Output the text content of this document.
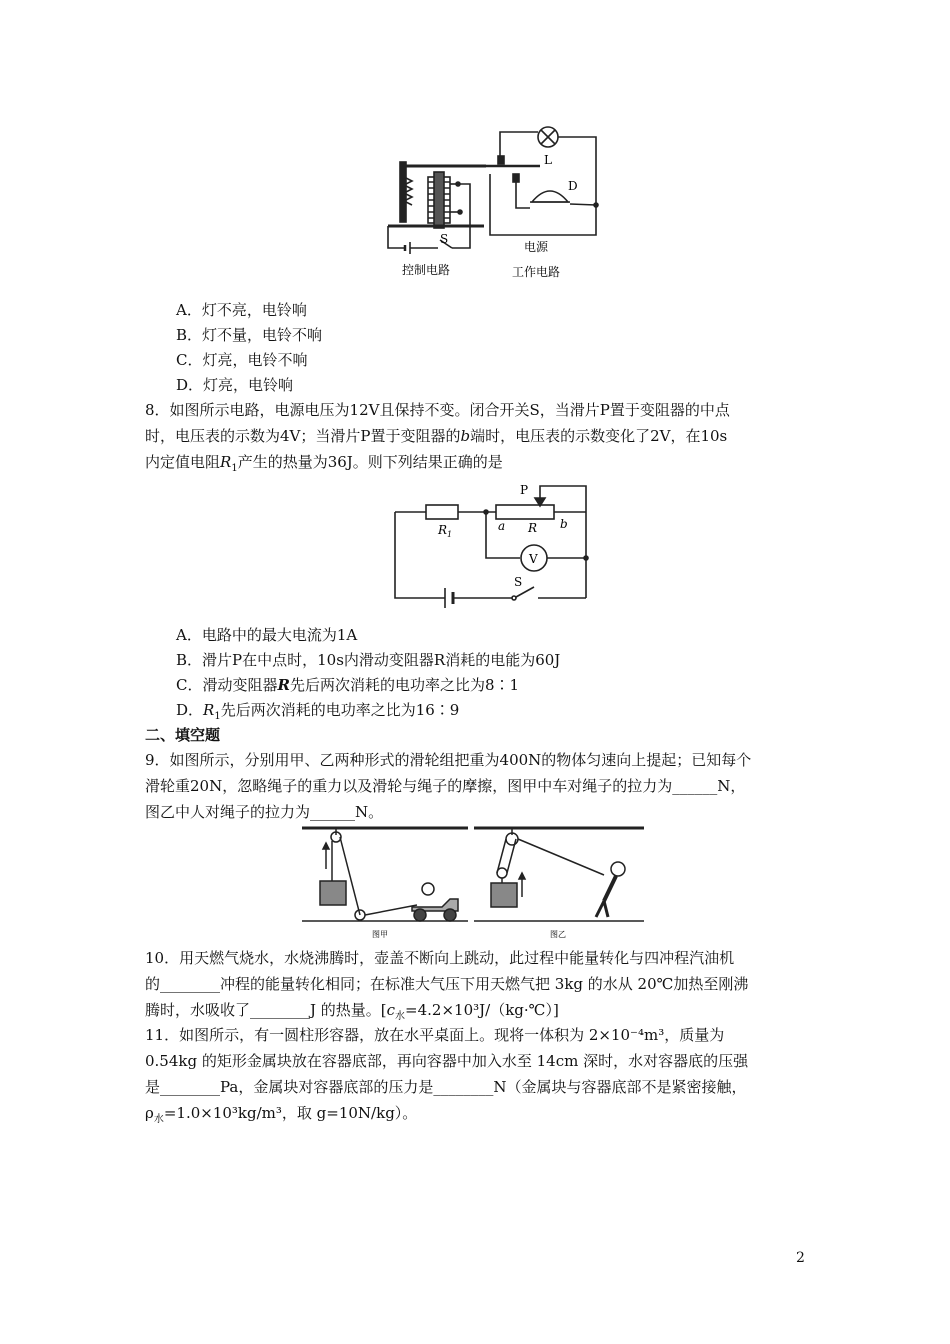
L
D
S
电源
控制电路	工作电路
A．灯不亮，电铃响
B．灯不量，电铃不响
C．灯亮，电铃不响
D．灯亮，电铃响
8．如图所示电路，电源电压为12V且保持不变。闭合开关S，当滑片P置于变阻器的中点
时，电压表的示数为4V；当滑片P置于变阻器的b端时，电压表的示数变化了2V，在10s
内定值电阻$R_1$产生的热量为36J。则下列结果正确的是
P
$R_1$
a R b
V
S
A．电路中的最大电流为1A
B．滑片P在中点时，10s内滑动变阻器R消耗的电能为60J
C．滑动变阻器R先后两次消耗的电功率之比为8∶1
D．$R_1$先后两次消耗的电功率之比为16∶9
二、填空题
9．如图所示，分别用甲、乙两种形式的滑轮组把重为400N的物体匀速向上提起；已知每个
滑轮重20N，忽略绳子的重力以及滑轮与绳子的摩擦，图甲中车对绳子的拉力为______N，
图乙中人对绳子的拉力为______N。
图甲	图乙
10．用天燃气烧水，水烧沸腾时，壶盖不断向上跳动，此过程中能量转化与四冲程汽油机
的________冲程的能量转化相同；在标准大气压下用天燃气把 3kg 的水从 20℃加热至刚沸
腾时，水吸收了________J 的热量。$[c_水=4.2\times 10^3J/(kg\cdot℃)]$
11．如图所示，有一圆柱形容器，放在水平桌面上。现将一体积为 2×10⁻⁴m³，质量为
0.54kg 的矩形金属块放在容器底部，再向容器中加入水至 14cm 深时，水对容器底的压强
是________Pa，金属块对容器底部的压力是________N（金属块与容器底部不是紧密接触，
$\rho_水=1.0\times 10^3kg/m^3$，取 g=10N/kg）。
2
